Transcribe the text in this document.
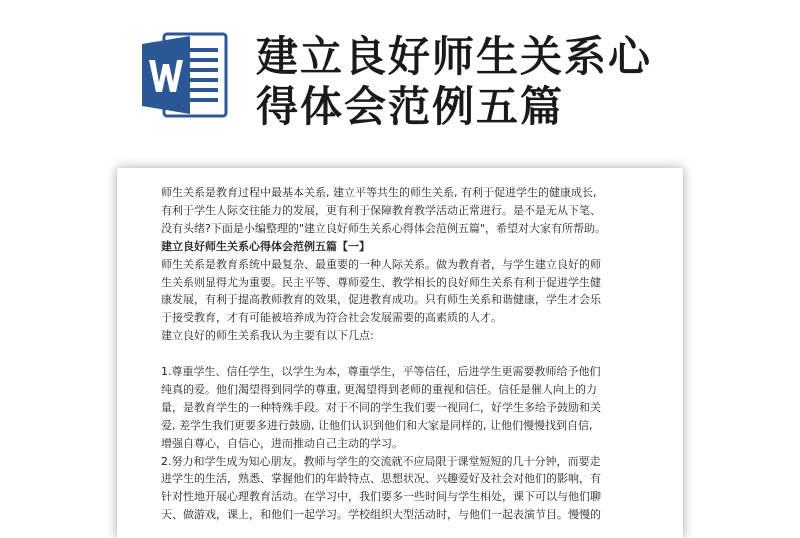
建立良好师生关系心
得体会范例五篇

师生关系是教育过程中最基本关系, 建立平等共生的师生关系, 有利于促进学生的健康成长,

有利于学生人际交往能力的发展，更有利于保障教育教学活动正常进行。是不是无从下笔、

没有头绪?下面是小编整理的"建立良好师生关系心得体会范例五篇"，希望对大家有所帮助。

建立良好师生关系心得体会范例五篇【一】

师生关系是教育系统中最复杂、最重要的一种人际关系。做为教育者，与学生建立良好的师

生关系则显得尤为重要。民主平等、尊师爱生、教学相长的良好师生关系有利于促进学生健

康发展，有利于提高教师教育的效果，促进教育成功。只有师生关系和谐健康，学生才会乐

于接受教育，才有可能被培养成为符合社会发展需要的高素质的人才。

建立良好的师生关系我认为主要有以下几点:

1.尊重学生、信任学生，以学生为本，尊重学生，平等信任，后进学生更需要教师给予他们

纯真的爱。他们渴望得到同学的尊重, 更渴望得到老师的重视和信任。信任是催人向上的力

量，是教育学生的一种特殊手段。对于不同的学生我们要一视同仁，好学生多给予鼓励和关

爱, 差学生我们更要多进行鼓励, 让他们认识到他们和大家是同样的, 让他们慢慢找到自信,

增强自尊心，自信心，进而推动自己主动的学习。

2.努力和学生成为知心朋友。教师与学生的交流就不应局限于课堂短短的几十分钟，而要走

进学生的生活，熟悉、掌握他们的年龄特点、思想状况、兴趣爱好及社会对他们的影响，有

针对性地开展心理教育活动。在学习中，我们要多一些时间与学生相处，课下可以与他们聊

天、做游戏，课上，和他们一起学习。学校组织大型活动时，与他们一起表演节目。慢慢的
